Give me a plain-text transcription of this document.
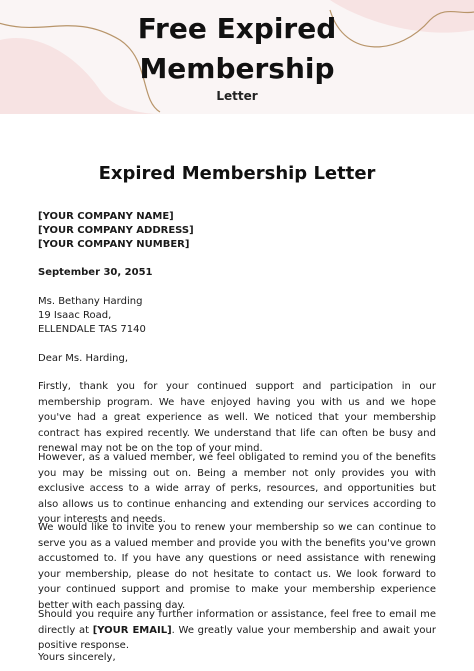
Free Expired
Membership
Letter
Expired Membership Letter
[YOUR COMPANY NAME]
[YOUR COMPANY ADDRESS]
[YOUR COMPANY NUMBER]
September 30, 2051
Ms. Bethany Harding
19 Isaac Road,
ELLENDALE TAS 7140
Dear Ms. Harding,
Firstly, thank you for your continued support and participation in our membership program. We have enjoyed having you with us and we hope you've had a great experience as well. We noticed that your membership contract has expired recently. We understand that life can often be busy and renewal may not be on the top of your mind.
However, as a valued member, we feel obligated to remind you of the benefits you may be missing out on. Being a member not only provides you with exclusive access to a wide array of perks, resources, and opportunities but also allows us to continue enhancing and extending our services according to your interests and needs.
We would like to invite you to renew your membership so we can continue to serve you as a valued member and provide you with the benefits you've grown accustomed to. If you have any questions or need assistance with renewing your membership, please do not hesitate to contact us. We look forward to your continued support and promise to make your membership experience better with each passing day.
Should you require any further information or assistance, feel free to email me directly at [YOUR EMAIL]. We greatly value your membership and await your positive response.
Yours sincerely,
